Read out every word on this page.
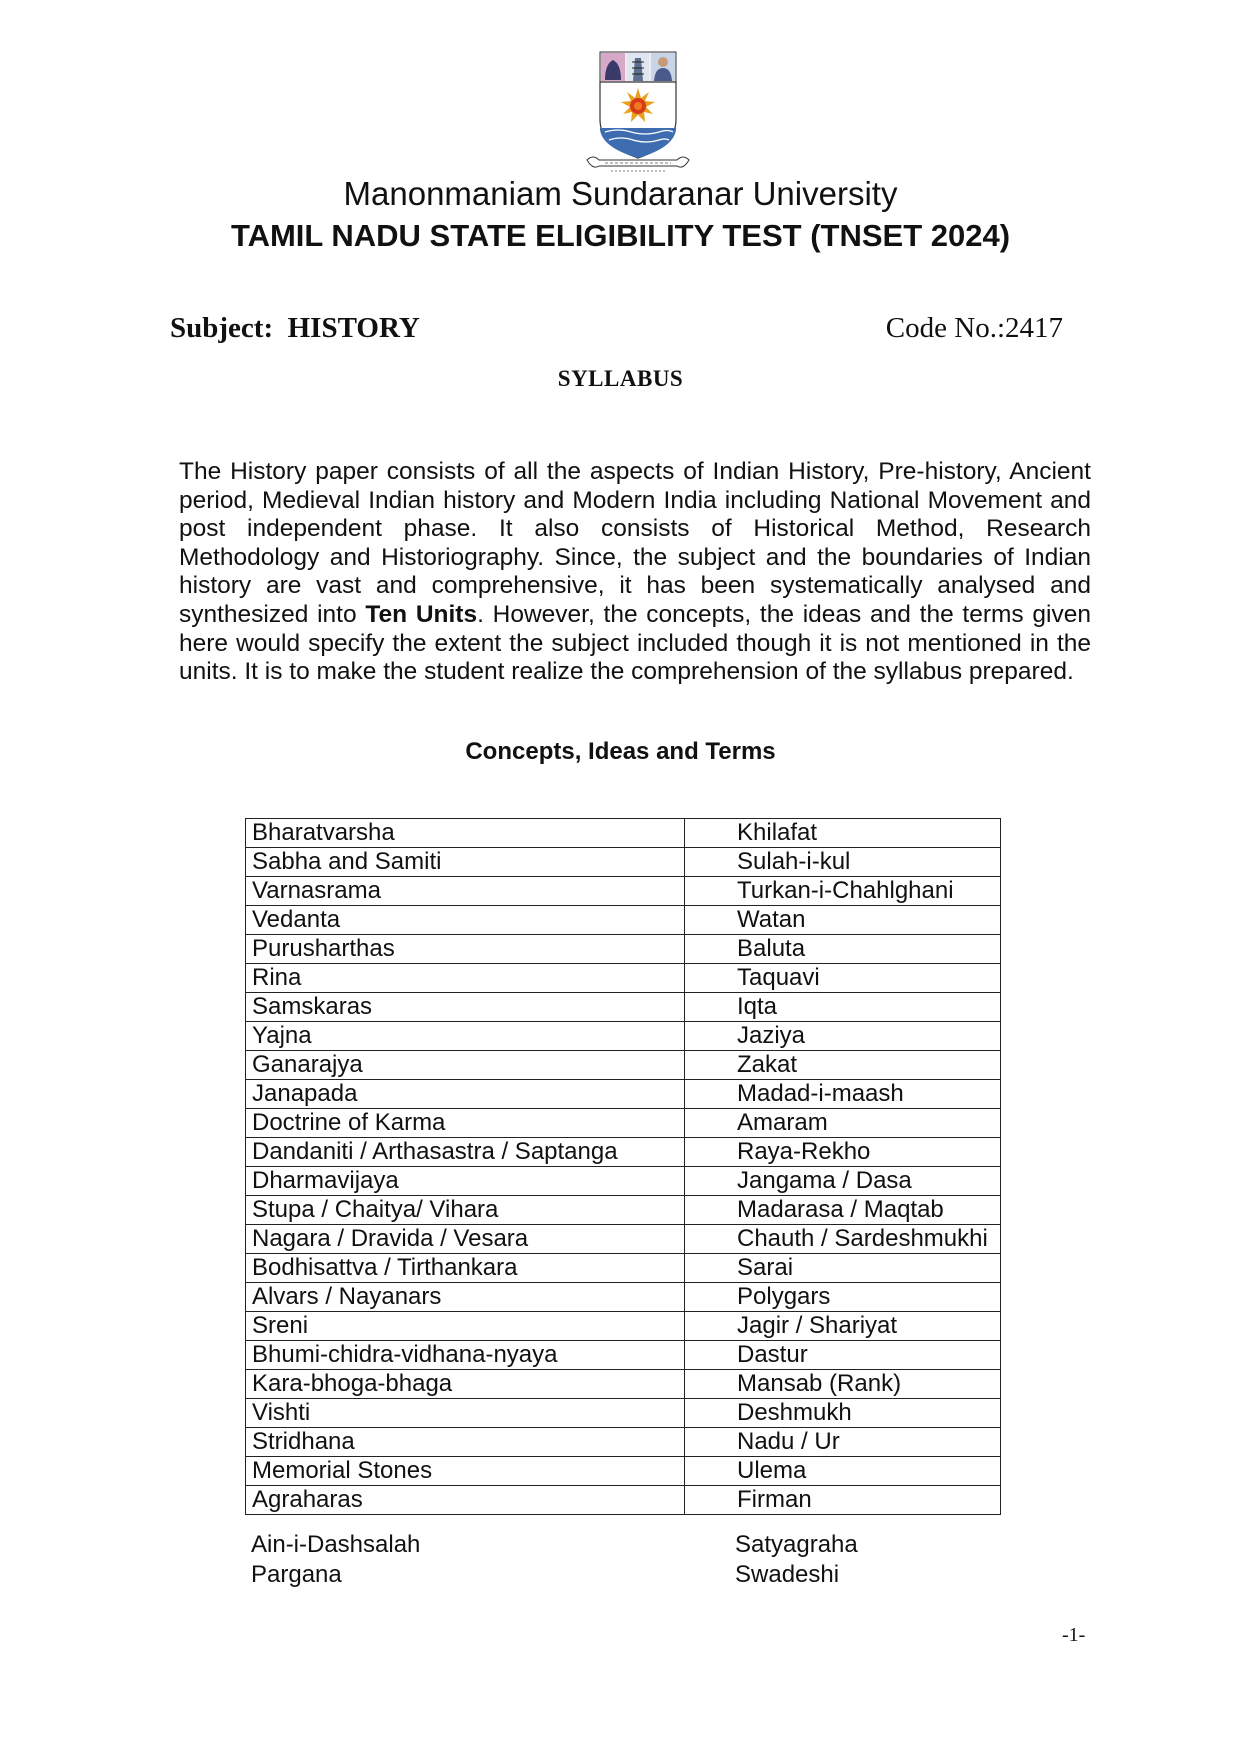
Manonmaniam Sundaranar University
TAMIL NADU STATE ELIGIBILITY TEST (TNSET 2024)
Subject:  HISTORY	Code No.:2417
SYLLABUS

The History paper consists of all the aspects of Indian History, Pre-history, Ancient period, Medieval Indian history and Modern India including National Movement and post independent phase. It also consists of Historical Method, Research Methodology and Historiography. Since, the subject and the boundaries of Indian history are vast and comprehensive, it has been systematically analysed and synthesized into Ten Units. However, the concepts, the ideas and the terms given here would specify the extent the subject included though it is not mentioned in the units. It is to make the student realize the comprehension of the syllabus prepared.

Concepts, Ideas and Terms
Bharatvarsha	Khilafat
Sabha and Samiti	Sulah-i-kul
Varnasrama	Turkan-i-Chahlghani
Vedanta	Watan
Purusharthas	Baluta
Rina	Taquavi
Samskaras	Iqta
Yajna	Jaziya
Ganarajya	Zakat
Janapada	Madad-i-maash
Doctrine of Karma	Amaram
Dandaniti / Arthasastra / Saptanga	Raya-Rekho
Dharmavijaya	Jangama / Dasa
Stupa / Chaitya/ Vihara	Madarasa / Maqtab
Nagara / Dravida / Vesara	Chauth / Sardeshmukhi
Bodhisattva / Tirthankara	Sarai
Alvars / Nayanars	Polygars
Sreni	Jagir / Shariyat
Bhumi-chidra-vidhana-nyaya	Dastur
Kara-bhoga-bhaga	Mansab (Rank)
Vishti	Deshmukh
Stridhana	Nadu / Ur
Memorial Stones	Ulema
Agraharas	Firman
Ain-i-Dashsalah	Satyagraha
Pargana	Swadeshi
-1-
